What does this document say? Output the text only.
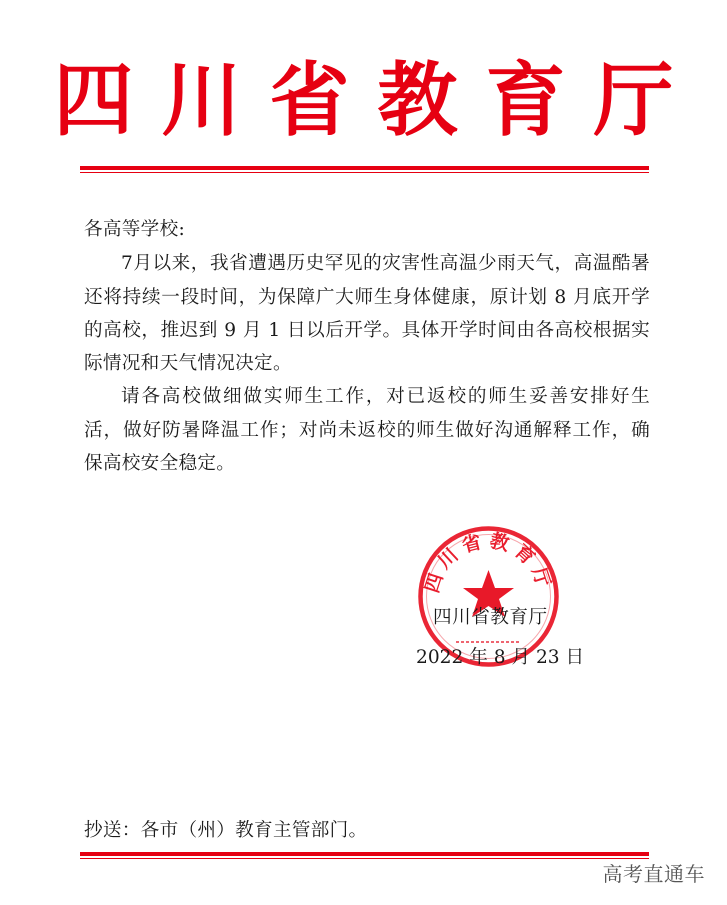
四川省教育厅

各高等学校:

7月以来，我省遭遇历史罕见的灾害性高温少雨天气，高温酷暑还将持续一段时间，为保障广大师生身体健康，原计划 8 月底开学的高校，推迟到 9 月 1 日以后开学。具体开学时间由各高校根据实际情况和天气情况决定。

请各高校做细做实师生工作，对已返校的师生妥善安排好生活，做好防暑降温工作；对尚未返校的师生做好沟通解释工作，确保高校安全稳定。

四川省教育厅
四川省教育厅
2022 年 8 月 23 日
抄送：各市（州）教育主管部门。
高考直通车
